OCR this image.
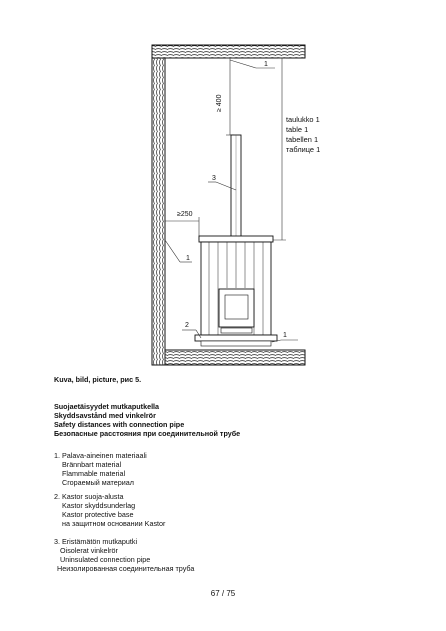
≥ 400
1
taulukko 1
table 1
tabellen 1
таблице 1
3
≥250
1
2
1
Kuva, bild, picture, рис 5.
Suojaetäisyydet mutkaputkella
Skyddsavstånd med vinkelrör
Safety distances with connection pipe
Безопасные расстояния при соединительной трубе
1. Palava-aineinen materiaali
Brännbart material
Flammable material
Сгораемый материал
2. Kastor suoja-alusta
Kastor skyddsunderlag
Kastor protective base
на защитном основании Kastor
3. Eristämätön mutkaputki
Oisolerat vinkelrör
Uninsulated connection pipe
Неизолированная соединительная труба
67 / 75
